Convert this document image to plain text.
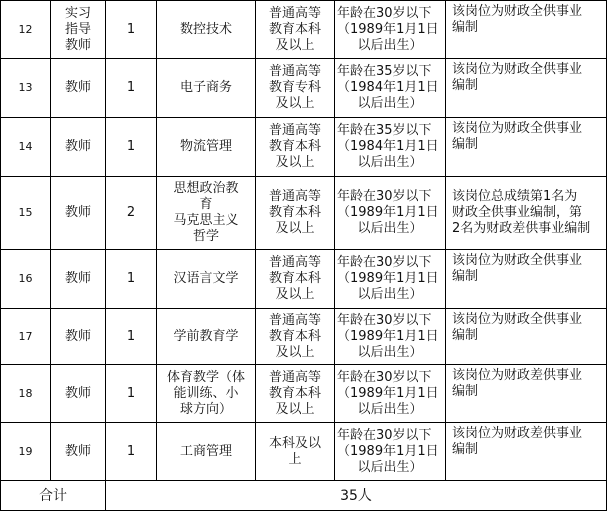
12	实习
指导
教师	1	数控技术	普通高等
教育本科
及以上	年龄在30岁以下
（1989年1月1日
以后出生）	该岗位为财政全供事业
编制

13	教师	1	电子商务	普通高等
教育专科
及以上	年龄在35岁以下
（1984年1月1日
以后出生）	该岗位为财政全供事业
编制

14	教师	1	物流管理	普通高等
教育本科
及以上	年龄在35岁以下
（1984年1月1日
以后出生）	该岗位为财政全供事业
编制

15	教师	2	思想政治教
育
马克思主义
哲学	普通高等
教育本科
及以上	年龄在30岁以下
（1989年1月1日
以后出生）	该岗位总成绩第1名为
财政全供事业编制，第
2名为财政差供事业编制

16	教师	1	汉语言文学	普通高等
教育本科
及以上	年龄在30岁以下
（1989年1月1日
以后出生）	该岗位为财政全供事业
编制

17	教师	1	学前教育学	普通高等
教育本科
及以上	年龄在30岁以下
（1989年1月1日
以后出生）	该岗位为财政全供事业
编制

18	教师	1	体育教学（体
能训练、小
球方向）	普通高等
教育本科
及以上	年龄在30岁以下
（1989年1月1日
以后出生）	该岗位为财政差供事业
编制

19	教师	1	工商管理	本科及以
上	年龄在30岁以下
（1989年1月1日
以后出生）	该岗位为财政差供事业
编制

合计		35人				
